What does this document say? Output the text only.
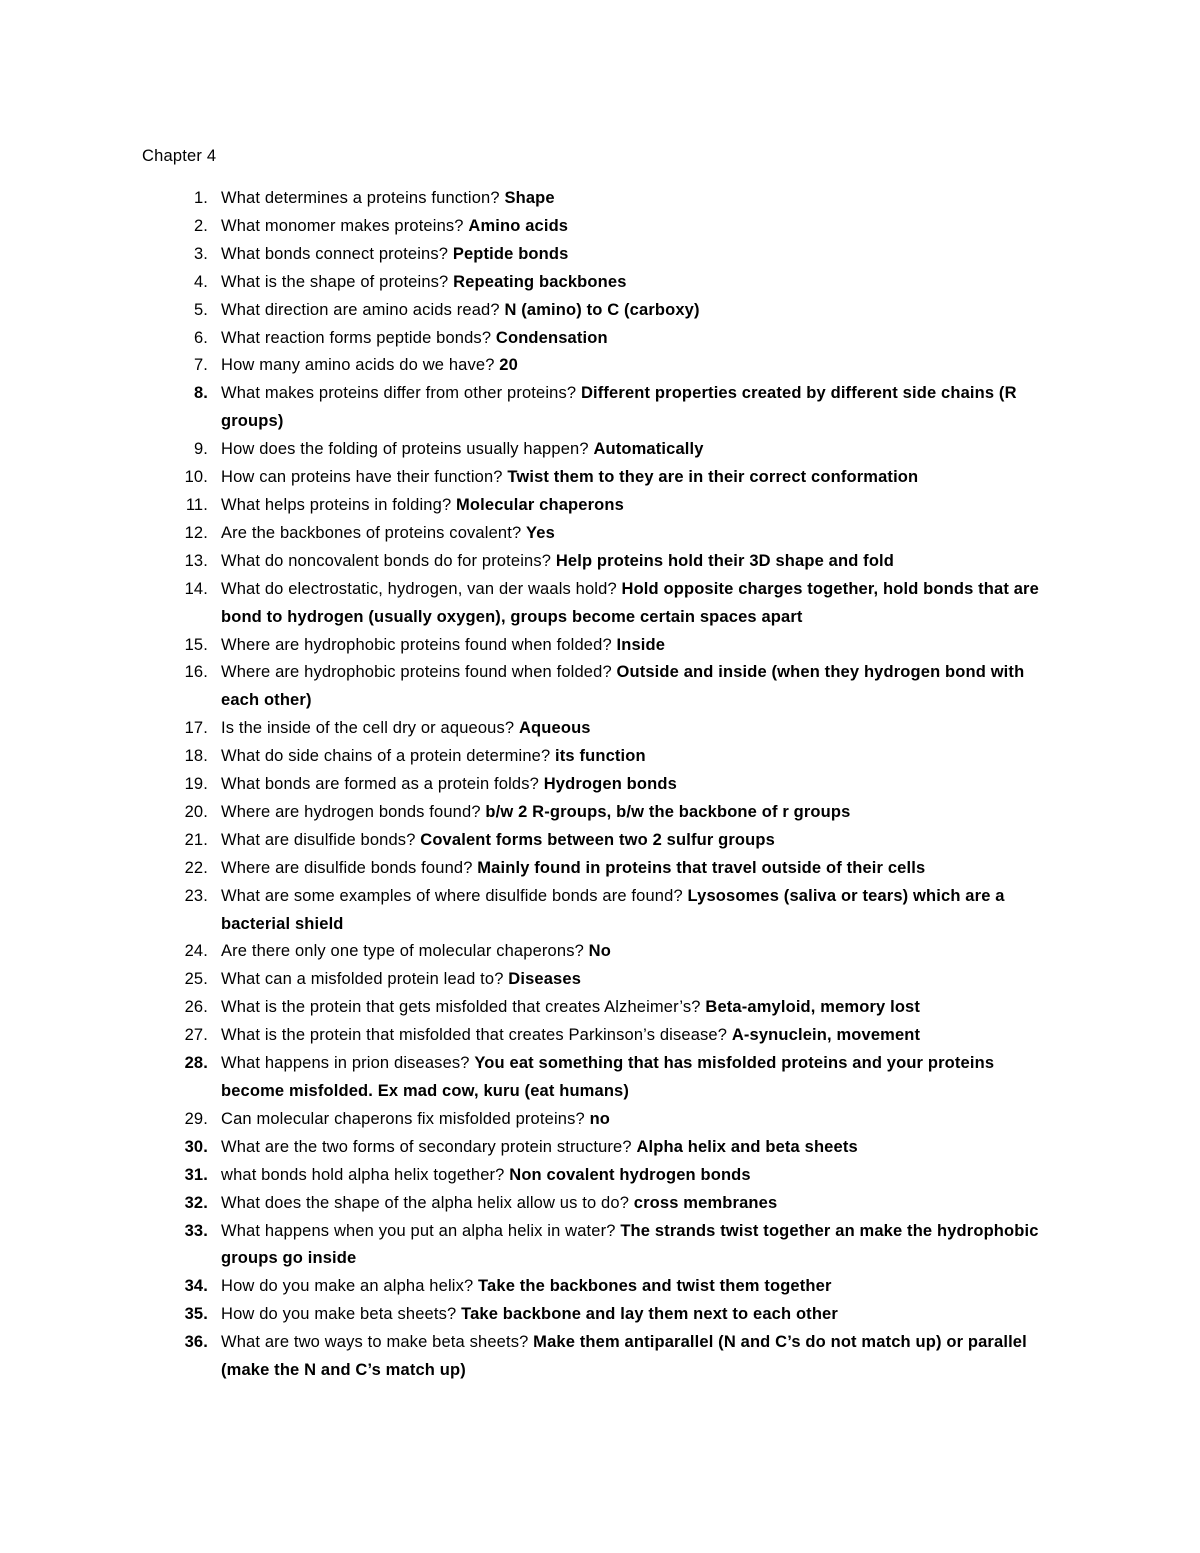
Chapter 4
1. What determines a proteins function? Shape
2. What monomer makes proteins? Amino acids
3. What bonds connect proteins? Peptide bonds
4. What is the shape of proteins? Repeating backbones
5. What direction are amino acids read? N (amino) to C (carboxy)
6. What reaction forms peptide bonds? Condensation
7. How many amino acids do we have? 20
8. What makes proteins differ from other proteins? Different properties created by different side chains (R groups)
9. How does the folding of proteins usually happen? Automatically
10. How can proteins have their function? Twist them to they are in their correct conformation
11. What helps proteins in folding? Molecular chaperons
12. Are the backbones of proteins covalent? Yes
13. What do noncovalent bonds do for proteins? Help proteins hold their 3D shape and fold
14. What do electrostatic, hydrogen, van der waals hold? Hold opposite charges together, hold bonds that are bond to hydrogen (usually oxygen), groups become certain spaces apart
15. Where are hydrophobic proteins found when folded? Inside
16. Where are hydrophobic proteins found when folded? Outside and inside (when they hydrogen bond with each other)
17. Is the inside of the cell dry or aqueous? Aqueous
18. What do side chains of a protein determine? its function
19. What bonds are formed as a protein folds? Hydrogen bonds
20. Where are hydrogen bonds found? b/w 2 R-groups, b/w the backbone of r groups
21. What are disulfide bonds? Covalent forms between two 2 sulfur groups
22. Where are disulfide bonds found? Mainly found in proteins that travel outside of their cells
23. What are some examples of where disulfide bonds are found? Lysosomes (saliva or tears) which are a bacterial shield
24. Are there only one type of molecular chaperons? No
25. What can a misfolded protein lead to? Diseases
26. What is the protein that gets misfolded that creates Alzheimer’s? Beta-amyloid, memory lost
27. What is the protein that misfolded that creates Parkinson’s disease? A-synuclein, movement
28. What happens in prion diseases? You eat something that has misfolded proteins and your proteins become misfolded. Ex mad cow, kuru (eat humans)
29. Can molecular chaperons fix misfolded proteins? no
30. What are the two forms of secondary protein structure? Alpha helix and beta sheets
31. what bonds hold alpha helix together? Non covalent hydrogen bonds
32. What does the shape of the alpha helix allow us to do? cross membranes
33. What happens when you put an alpha helix in water? The strands twist together an make the hydrophobic groups go inside
34. How do you make an alpha helix? Take the backbones and twist them together
35. How do you make beta sheets? Take backbone and lay them next to each other
36. What are two ways to make beta sheets? Make them antiparallel (N and C’s do not match up) or parallel (make the N and C’s match up)
